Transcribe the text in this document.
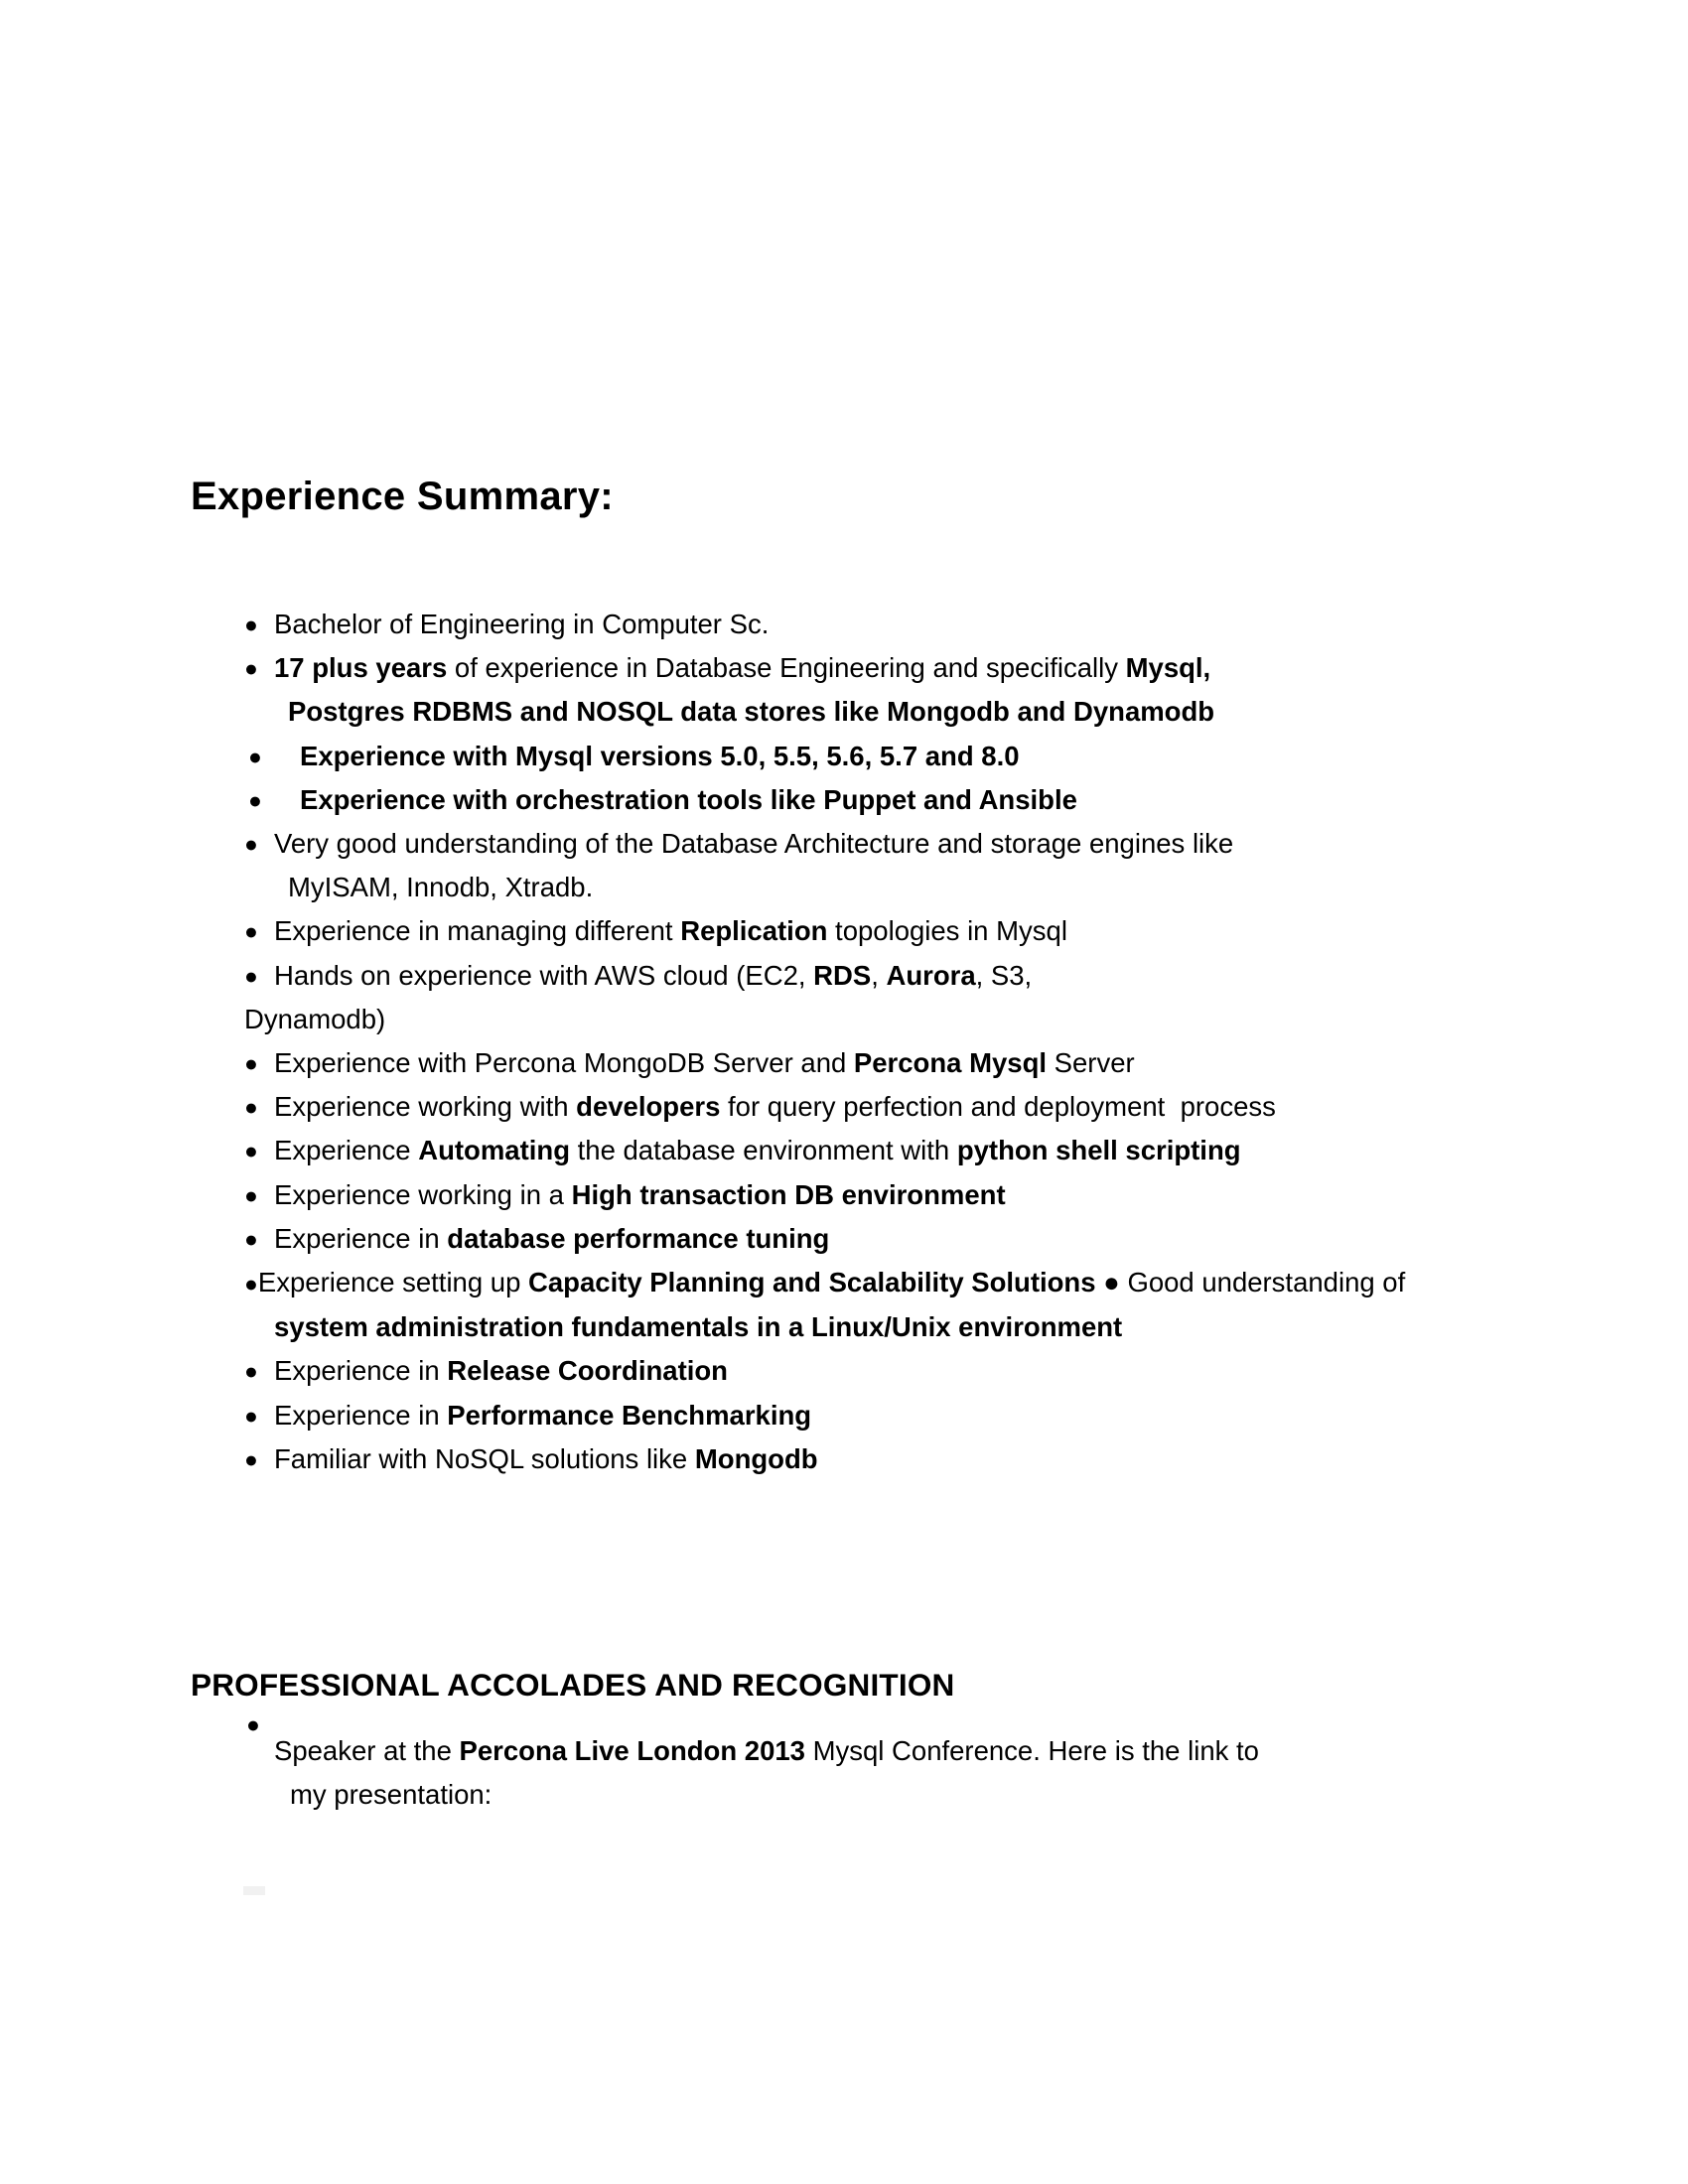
Experience Summary:
● Bachelor of Engineering in Computer Sc.
● 17 plus years of experience in Database Engineering and specifically Mysql,
Postgres RDBMS and NOSQL data stores like Mongodb and Dynamodb
● Experience with Mysql versions 5.0, 5.5, 5.6, 5.7 and 8.0
● Experience with orchestration tools like Puppet and Ansible
● Very good understanding of the Database Architecture and storage engines like
MyISAM, Innodb, Xtradb.
● Experience in managing different Replication topologies in Mysql
● Hands on experience with AWS cloud (EC2, RDS, Aurora, S3,
Dynamodb)
● Experience with Percona MongoDB Server and Percona Mysql Server
● Experience working with developers for query perfection and deployment  process
● Experience Automating the database environment with python shell scripting
● Experience working in a High transaction DB environment
● Experience in database performance tuning
●Experience setting up Capacity Planning and Scalability Solutions ● Good understanding of system administration fundamentals in a Linux/Unix environment
● Experience in Release Coordination
● Experience in Performance Benchmarking
● Familiar with NoSQL solutions like Mongodb
PROFESSIONAL ACCOLADES AND RECOGNITION
●
Speaker at the Percona Live London 2013 Mysql Conference. Here is the link to
my presentation:
